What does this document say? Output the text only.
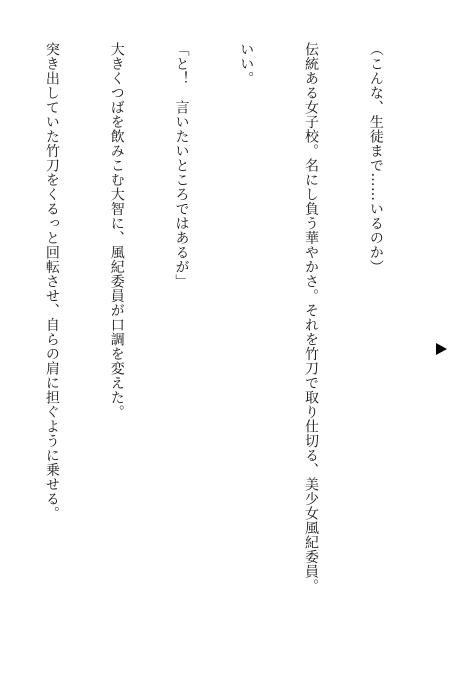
（こんな、生徒まで……いるのか）

伝統ある女子校。名にし負う華やかさ。それを竹刀で取り仕切る、美少女風紀委員。

いい。

「と！　言いたいところではあるが」

大きくつばを飲みこむ大智に、風紀委員が口調を変えた。

突き出していた竹刀をくるっと回転させ、自らの肩に担ぐように乗せる。
